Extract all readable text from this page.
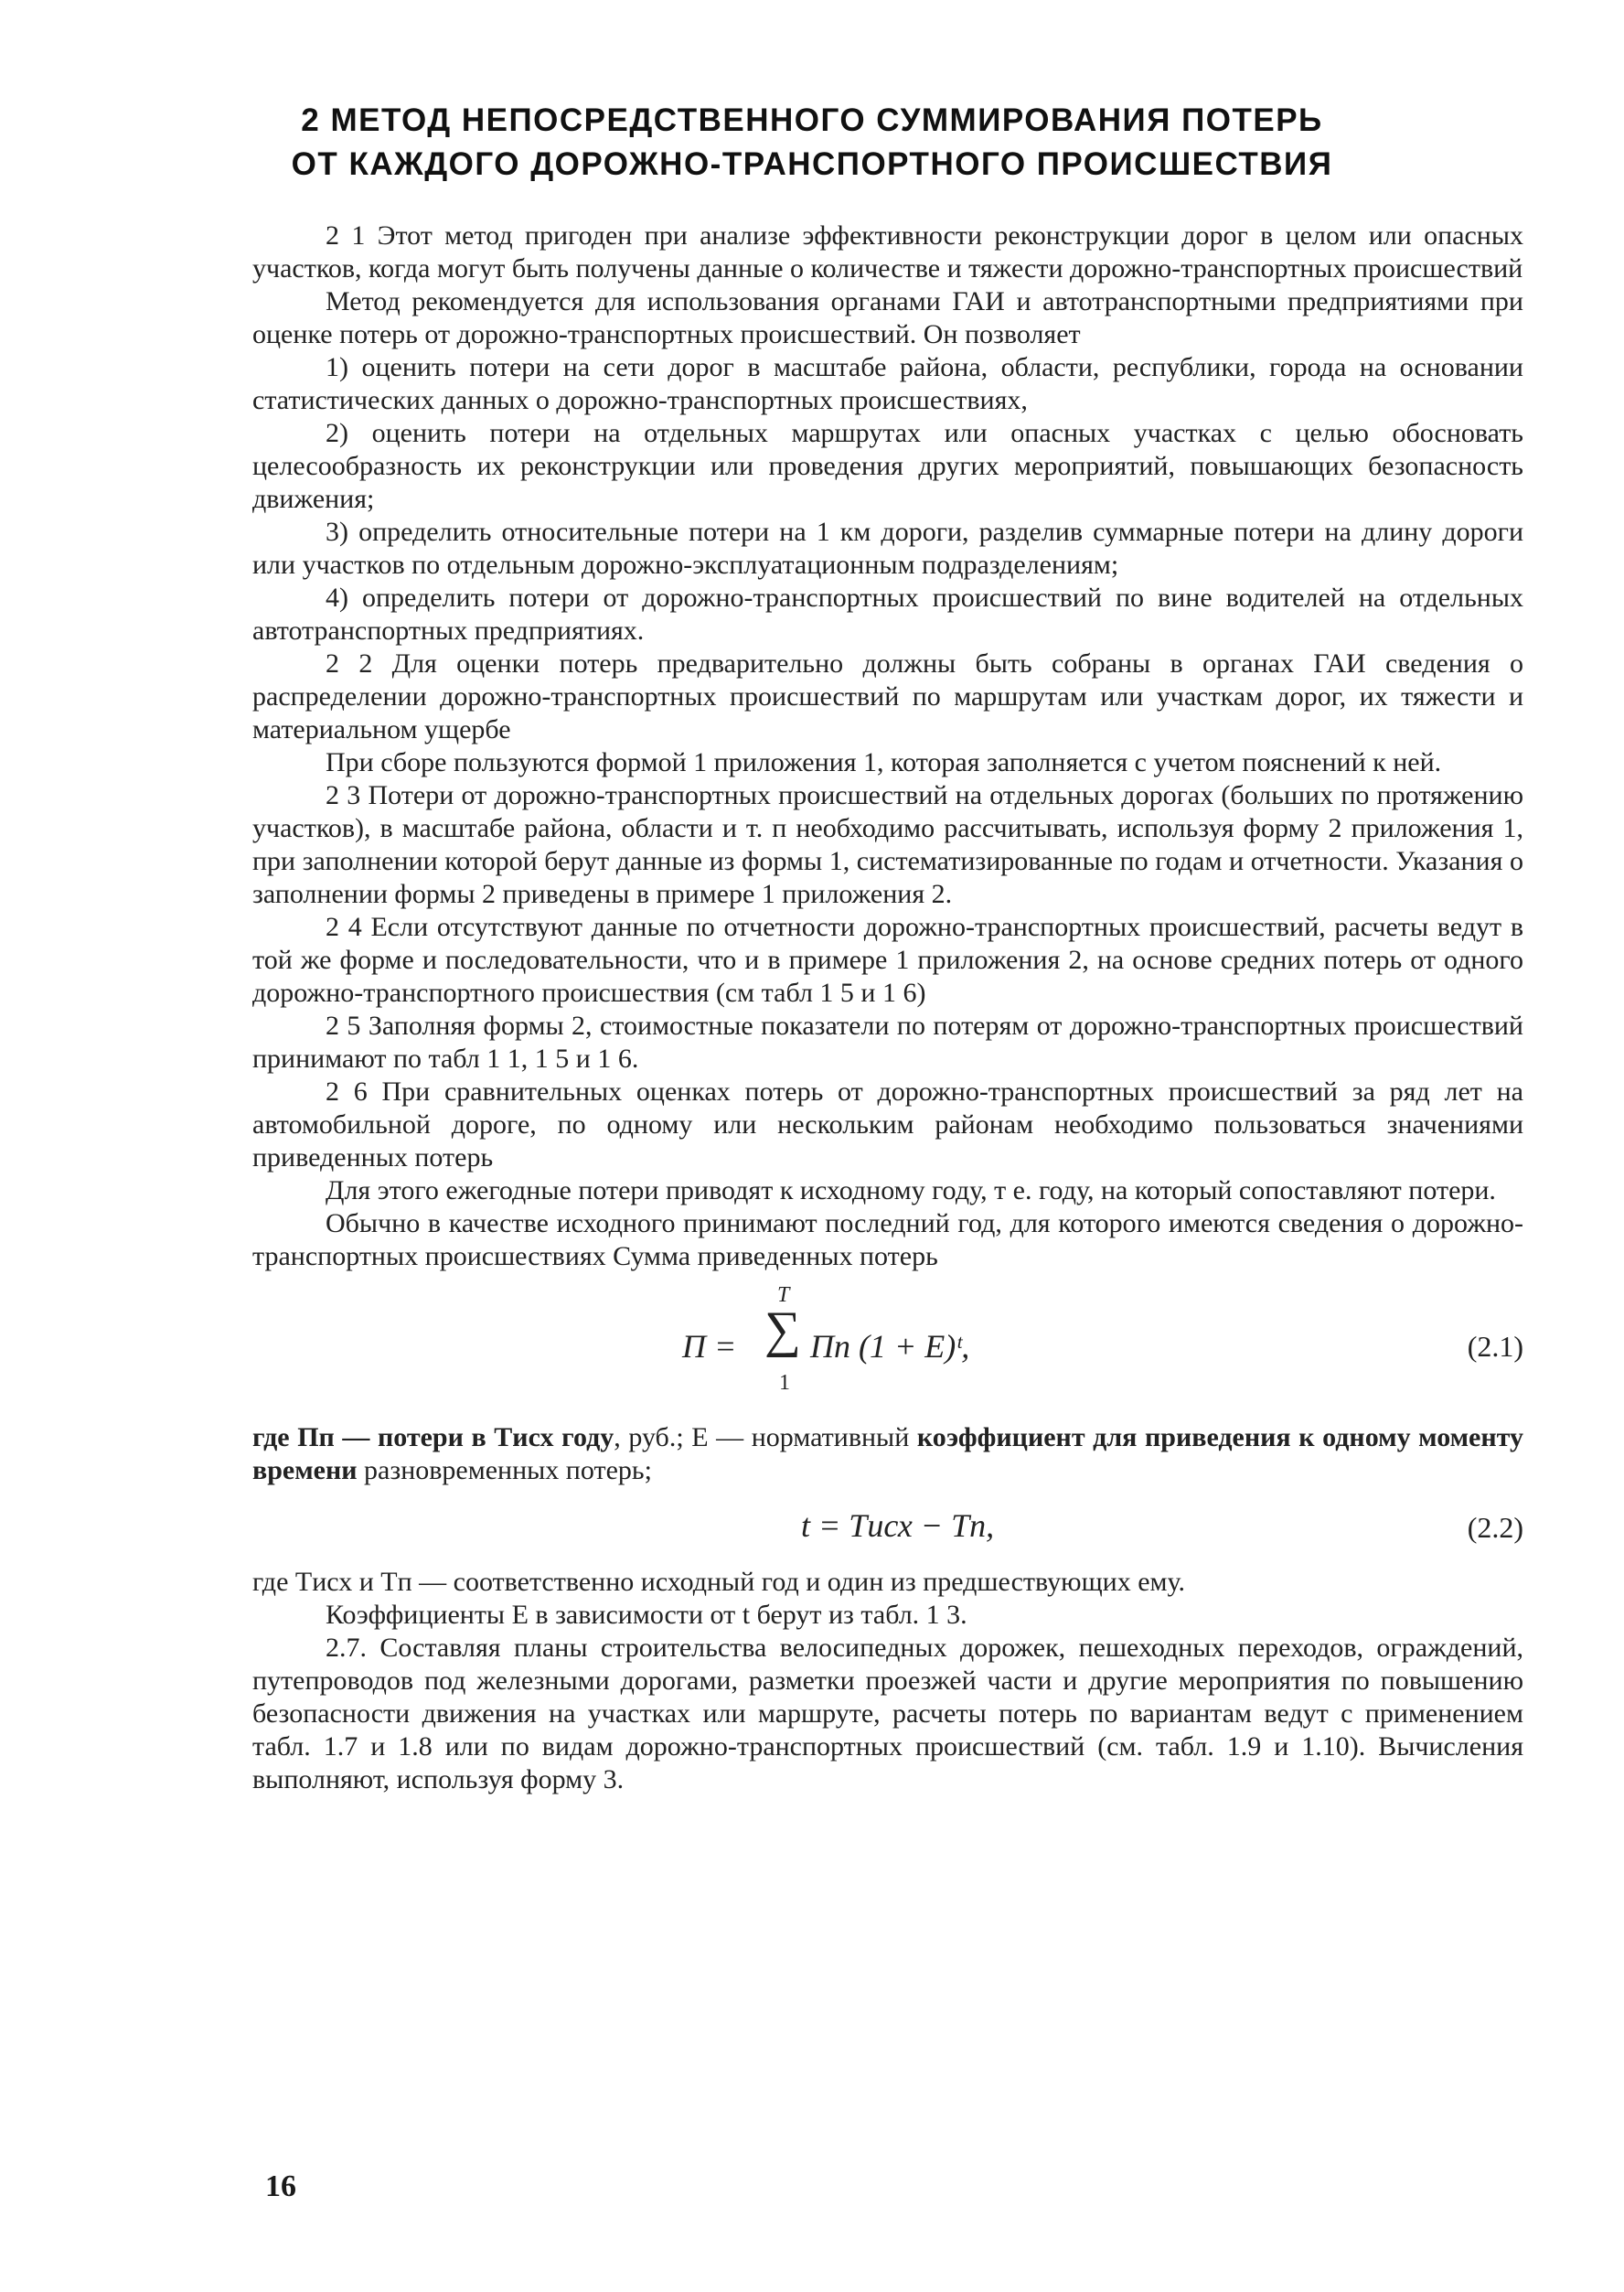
2 МЕТОД НЕПОСРЕДСТВЕННОГО СУММИРОВАНИЯ ПОТЕРЬ
ОТ КАЖДОГО ДОРОЖНО-ТРАНСПОРТНОГО ПРОИСШЕСТВИЯ

2 1 Этот метод пригоден при анализе эффективности реконструкции дорог в целом или опасных участков, когда могут быть получены данные о количестве и тяжести дорожно-транспортных происшествий

Метод рекомендуется для использования органами ГАИ и автотранспортными предприятиями при оценке потерь от дорожно-транспортных происшествий. Он позволяет

1) оценить потери на сети дорог в масштабе района, области, республики, города на основании статистических данных о дорожно-транспортных происшествиях,

2) оценить потери на отдельных маршрутах или опасных участках с целью обосновать целесообразность их реконструкции или проведения других мероприятий, повышающих безопасность движения;

3) определить относительные потери на 1 км дороги, разделив суммарные потери на длину дороги или участков по отдельным дорожно-эксплуатационным подразделениям;

4) определить потери от дорожно-транспортных происшествий по вине водителей на отдельных автотранспортных предприятиях.

2 2 Для оценки потерь предварительно должны быть собраны в органах ГАИ сведения о распределении дорожно-транспортных происшествий по маршрутам или участкам дорог, их тяжести и материальном ущербе

При сборе пользуются формой 1 приложения 1, которая заполняется с учетом пояснений к ней.

2 3 Потери от дорожно-транспортных происшествий на отдельных дорогах (больших по протяжению участков), в масштабе района, области и т. п необходимо рассчитывать, используя форму 2 приложения 1, при заполнении которой берут данные из формы 1, систематизированные по годам и отчетности. Указания о заполнении формы 2 приведены в примере 1 приложения 2.

2 4 Если отсутствуют данные по отчетности дорожно-транспортных происшествий, расчеты ведут в той же форме и последовательности, что и в примере 1 приложения 2, на основе средних потерь от одного дорожно-транспортного происшествия (см табл 1 5 и 1 6)

2 5 Заполняя формы 2, стоимостные показатели по потерям от дорожно-транспортных происшествий принимают по табл 1 1, 1 5 и 1 6.

2 6 При сравнительных оценках потерь от дорожно-транспортных происшествий за ряд лет на автомобильной дороге, по одному или нескольким районам необходимо пользоваться значениями приведенных потерь

Для этого ежегодные потери приводят к исходному году, т е. году, на который сопоставляют потери.

Обычно в качестве исходного принимают последний год, для которого имеются сведения о дорожно-транспортных происшествиях Сумма приведенных потерь

П =
T
∑
1
Пп (1 + E)ᵗ,	(2.1)

где Пп — потери в Tисх году, руб.; E — нормативный коэффициент для приведения к одному моменту времени разновременных потерь;

t = Tисх − Tп,	(2.2)

где Tисх и Tп — соответственно исходный год и один из предшествующих ему.

Коэффициенты E в зависимости от t берут из табл. 1 3.

2.7. Составляя планы строительства велосипедных дорожек, пешеходных переходов, ограждений, путепроводов под железными дорогами, разметки проезжей части и другие мероприятия по повышению безопасности движения на участках или маршруте, расчеты потерь по вариантам ведут с применением табл. 1.7 и 1.8 или по видам дорожно-транспортных происшествий (см. табл. 1.9 и 1.10). Вычисления выполняют, используя форму 3.

16
